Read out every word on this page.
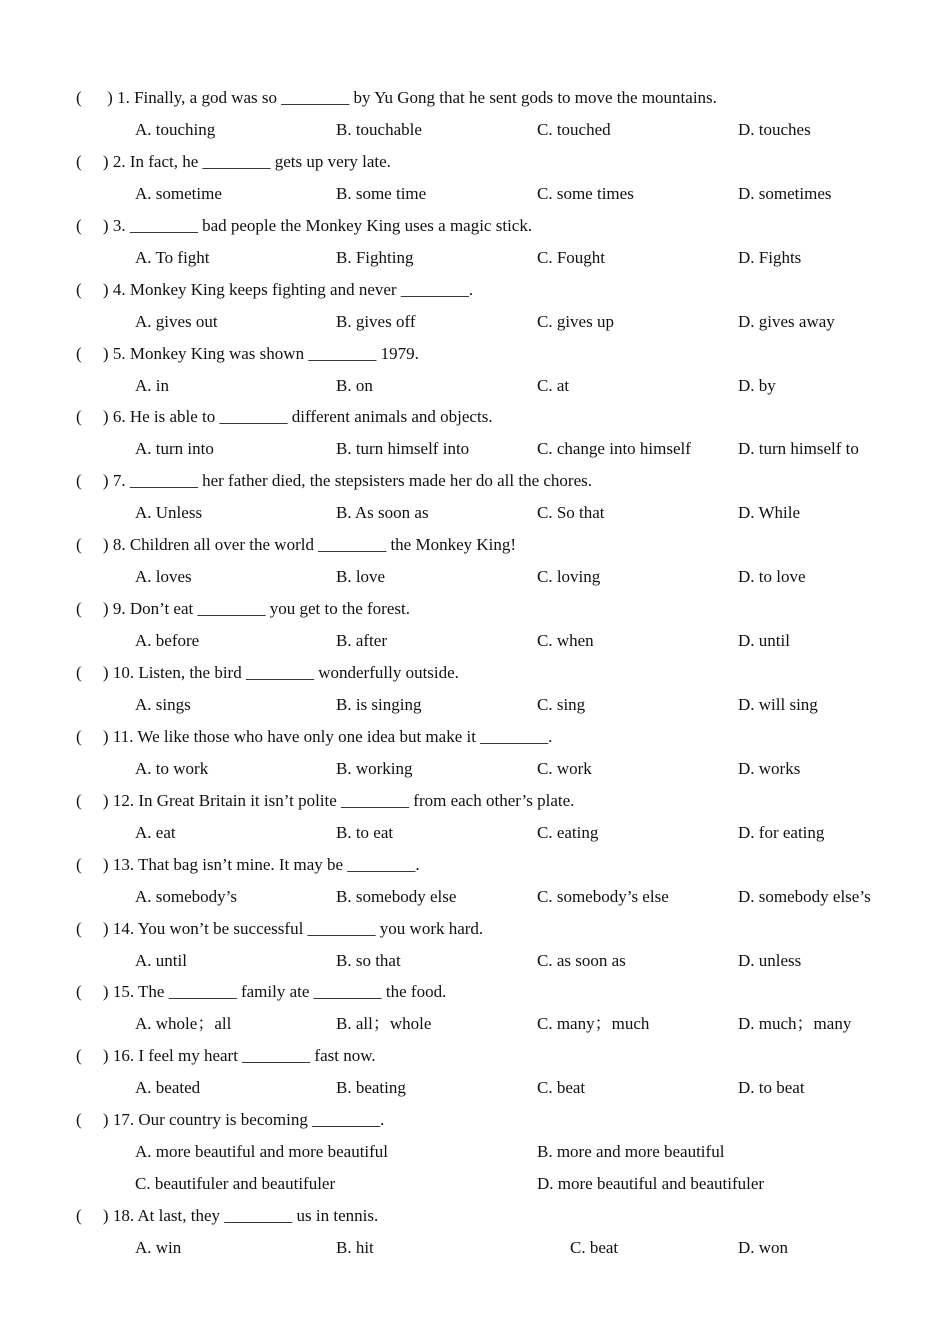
(      ) 1. Finally, a god was so ________ by Yu Gong that he sent gods to move the mountains.
A. touching	B. touchable	C. touched	D. touches
(     ) 2. In fact, he ________ gets up very late.
A. sometime	B. some time	C. some times	D. sometimes
(     ) 3. ________ bad people the Monkey King uses a magic stick.
A. To fight	B. Fighting	C. Fought	D. Fights
(     ) 4. Monkey King keeps fighting and never ________.
A. gives out	B. gives off	C. gives up	D. gives away
(     ) 5. Monkey King was shown ________ 1979.
A. in	B. on	C. at	D. by
(     ) 6. He is able to ________ different animals and objects.
A. turn into	B. turn himself into	C. change into himself	D. turn himself to
(     ) 7. ________ her father died, the stepsisters made her do all the chores.
A. Unless	B. As soon as	C. So that	D. While
(     ) 8. Children all over the world ________ the Monkey King!
A. loves	B. love	C. loving	D. to love
(     ) 9. Don’t eat ________ you get to the forest.
A. before	B. after	C. when	D. until
(     ) 10. Listen, the bird ________ wonderfully outside.
A. sings	B. is singing	C. sing	D. will sing
(     ) 11. We like those who have only one idea but make it ________.
A. to work	B. working	C. work	D. works
(     ) 12. In Great Britain it isn’t polite ________ from each other’s plate.
A. eat	B. to eat	C. eating	D. for eating
(     ) 13. That bag isn’t mine. It may be ________.
A. somebody’s	B. somebody else	C. somebody’s else	D. somebody else’s
(     ) 14. You won’t be successful ________ you work hard.
A. until	B. so that	C. as soon as	D. unless
(     ) 15. The ________ family ate ________ the food.
A. whole；all	B. all；whole	C. many；much	D. much；many
(     ) 16. I feel my heart ________ fast now.
A. beated	B. beating	C. beat	D. to beat
(     ) 17. Our country is becoming ________.
A. more beautiful and more beautiful	B. more and more beautiful
C. beautifuler and beautifuler	D. more beautiful and beautifuler
(     ) 18. At last, they ________ us in tennis.
A. win	B. hit	C. beat	D. won
